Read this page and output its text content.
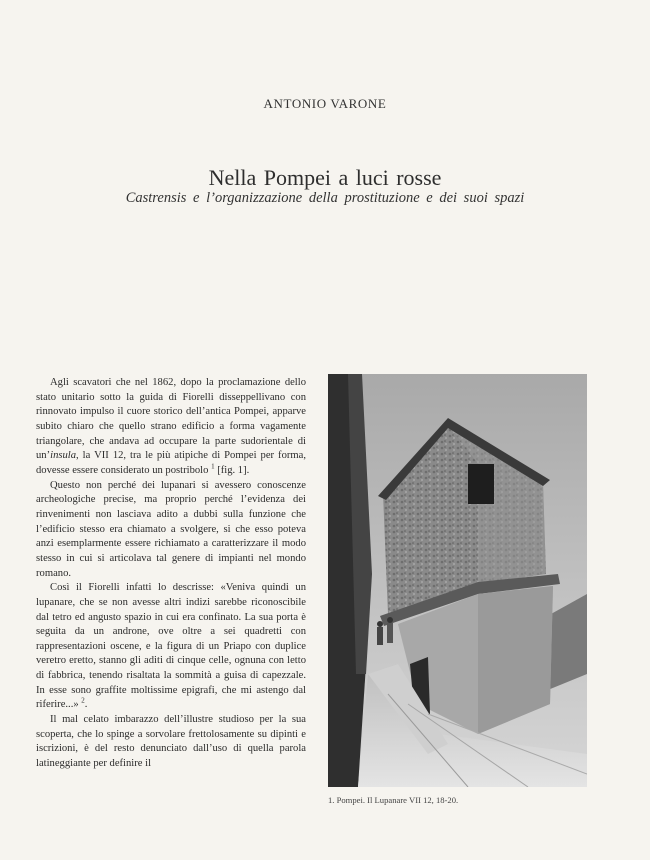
ANTONIO VARONE
Nella Pompei a luci rosse
Castrensis e l’organizzazione della prostituzione e dei suoi spazi

Agli scavatori che nel 1862, dopo la proclamazione dello stato unitario sotto la guida di Fiorelli disseppellivano con rinnovato impulso il cuore storico dell’antica Pompei, apparve subito chiaro che quello strano edificio a forma vagamente triangolare, che andava ad occupare la parte sudorientale di un’insula, la VII 12, tra le più atipiche di Pompei per forma, dovesse essere considerato un postribolo $^1$ [fig. 1].

Questo non perché dei lupanari si avessero conoscenze archeologiche precise, ma proprio perché l’evidenza dei rinvenimenti non lasciava adito a dubbi sulla funzione che l’edificio stesso era chiamato a svolgere, si che esso poteva anzi esemplarmente essere richiamato a caratterizzare il modo stesso in cui si articolava tal genere di impianti nel mondo romano.

Così il Fiorelli infatti lo descrisse: «Veniva quindi un lupanare, che se non avesse altri indizi sarebbe riconoscibile dal tetro ed angusto spazio in cui era confinato. La sua porta è seguita da un androne, ove oltre a sei quadretti con rappresentazioni oscene, e la figura di un Priapo con duplice veretro eretto, stanno gli aditi di cinque celle, ognuna con letto di fabbrica, tenendo risaltata la sommità a guisa di capezzale. In esse sono graffite moltissime epigrafi, che mi astengo dal riferire...» $^2$.

Il mal celato imbarazzo dell’illustre studioso per la sua scoperta, che lo spinge a sorvolare frettolosamente su dipinti e iscrizioni, è del resto denunciato dall’uso di quella parola latineggiante per definire il

1. Pompei. Il Lupanare VII 12, 18-20.
